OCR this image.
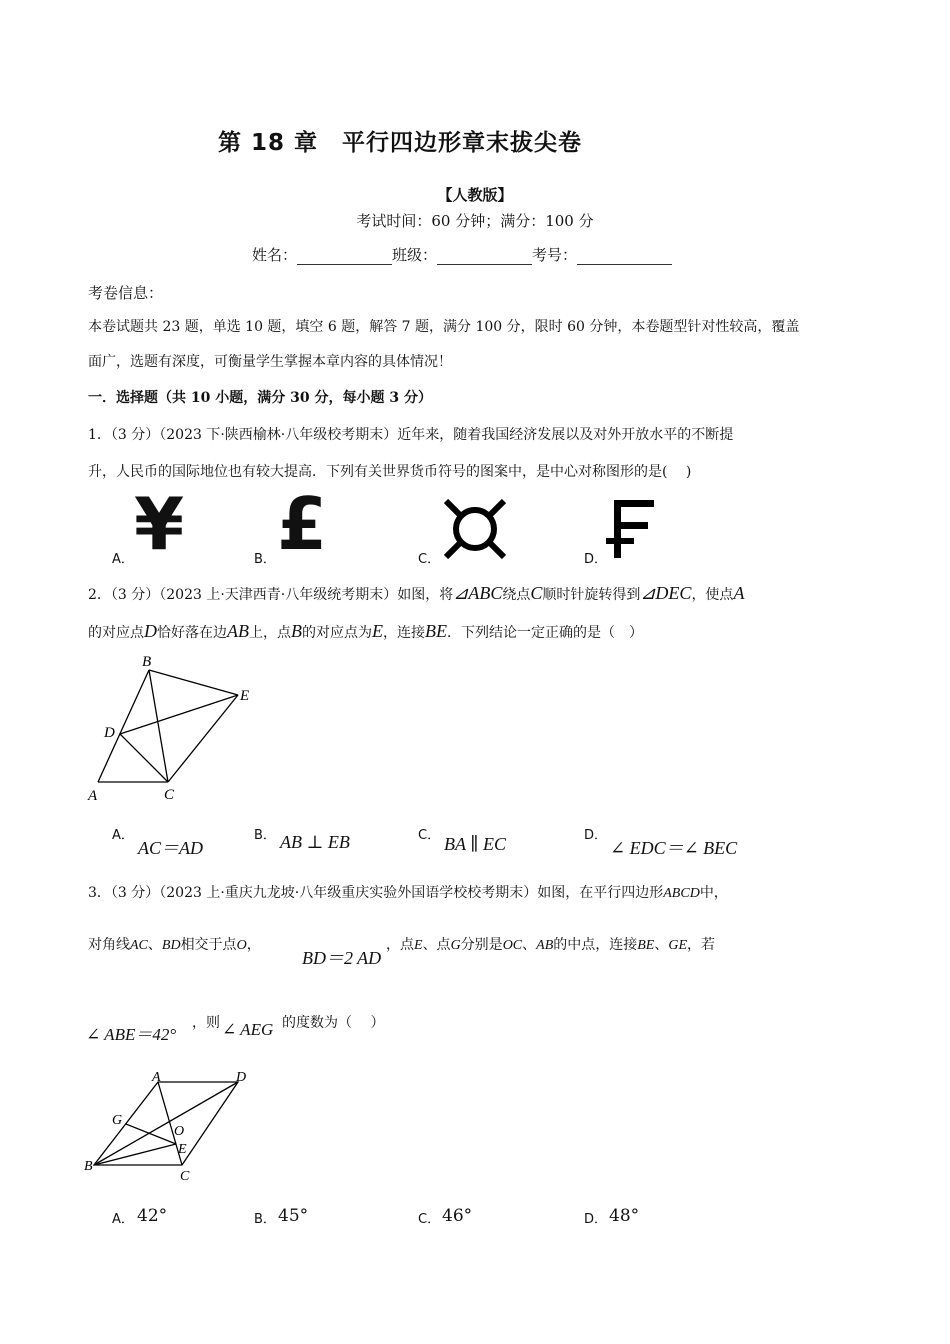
第 18 章　平行四边形章末拔尖卷
【人教版】
考试时间：60 分钟；满分：100 分
姓名：	班级：	考号：
考卷信息：
本卷试题共 23 题，单选 10 题，填空 6 题，解答 7 题，满分 100 分，限时 60 分钟，本卷题型针对性较高，覆盖
面广，选题有深度，可衡量学生掌握本章内容的具体情况！
一．选择题（共 10 小题，满分 30 分，每小题 3 分）
1．（3 分）（2023 下·陕西榆林·八年级校考期末）近年来，随着我国经济发展以及对外开放水平的不断提
升，人民币的国际地位也有较大提高．下列有关世界货币符号的图案中，是中心对称图形的是(　 )
A． ¥	B． £	C．	D．
2．（3 分）（2023 上·天津西青·八年级统考期末）如图，将⊿ABC绕点C顺时针旋转得到⊿DEC，使点A
的对应点D恰好落在边AB上，点B的对应点为E，连接BE．下列结论一定正确的是（　）
B
E
D
A	C
A．
AC＝AD
B． AB ⊥ EB	C． BA ∥ EC	D．
∠ EDC＝∠ BEC
3．（3 分）（2023 上·重庆九龙坡·八年级重庆实验外国语学校校考期末）如图，在平行四边形ABCD中，
对角线AC、BD相交于点O，
BD＝2 AD
，点E、点G分别是OC、AB的中点，连接BE、GE，若
∠ ABE＝42°
，则 ∠ AEG 的度数为（　 ）
A	D
G
O
E
B
C
A． 42°	B． 45°	C． 46°	D． 48°
